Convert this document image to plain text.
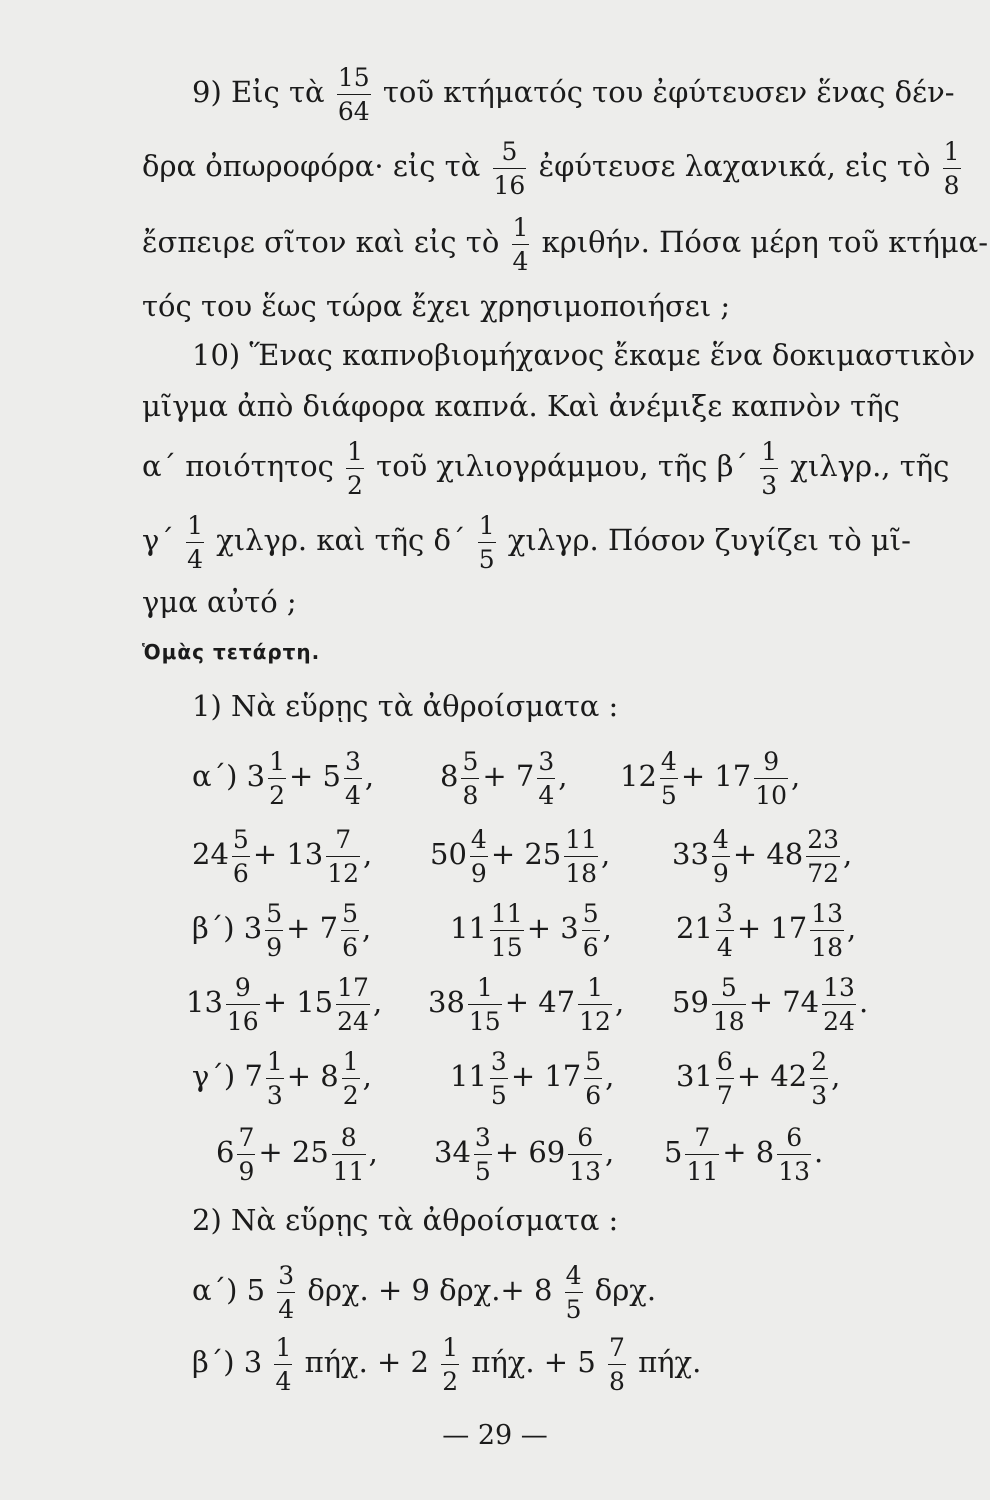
9) Εἰς τὰ $\frac{15}{64}$ τοῦ κτήματός του ἐφύτευσεν ἕνας δέν-
δρα ὀπωροφόρα· εἰς τὰ $\frac{5}{16}$ ἐφύτευσε λαχανικά, εἰς τὸ $\frac{1}{8}$
ἔσπειρε σῖτον καὶ εἰς τὸ $\frac{1}{4} \kappa\rho\iota\theta ή\nu$. Πόσα μέρη τοῦ κτήμα-
τός του ἕως τώρα ἔχει χρησιμοποιήσει ;
10) Ἕνας καπνοβιομήχανος ἔκαμε ἕνα δοκιμαστικὸν
μῖγμα ἀπὸ διάφορα καπνά. Καὶ ἀνέμιξε καπνὸν τῆς
α΄ ποιότητος $\frac{1}{2}$ τοῦ χιλιογράμμου, τῆς $\beta΄ \frac{1}{3} \chi\iota\lambda\gamma\rho$., τῆς
$\gamma΄ \frac{1}{4} \chi\iota\lambda\gamma\rho$. καὶ τῆς $\delta΄ \frac{1}{5} \chi\iota\lambda\gamma\rho$. Πόσον ζυγίζει τὸ μῖ-
γμα αὐτό ;
Ὁμὰς τετάρτη.
1) Νὰ εὕρῃς τὰ ἀθροίσματα :
α΄) $3 \frac{1}{2} + 5 \frac{3}{4}$ , $8 \frac{5}{8} + 7 \frac{3}{4}$ , $12 \frac{4}{5} + 17 \frac{9}{10}$ ,
$24 \frac{5}{6} + 13 \frac{7}{12}$ , $50 \frac{4}{9} + 25 \frac{11}{18}$ , $33 \frac{4}{9} + 48 \frac{23}{72}$ ,
β΄) $3 \frac{5}{9} + 7 \frac{5}{6}$ ,	$11 \frac{11}{15} + 3 \frac{5}{6}$ , $21 \frac{3}{4} + 17 \frac{13}{18}$ ,
$13 \frac{9}{16} + 15 \frac{17}{24}$ , $38 \frac{1}{15} + 47 \frac{1}{12}$ , $59 \frac{5}{18} + 74 \frac{13}{24}$ .
γ΄) $7 \frac{1}{3} + 8 \frac{1}{2}$ ,	$11 \frac{3}{5} + 17 \frac{5}{6}$ , $31 \frac{6}{7} + 42 \frac{2}{3}$ ,
$6 \frac{7}{9} + 25 \frac{8}{11}$ , $34 \frac{3}{5} + 69 \frac{6}{13}$ , $5 \frac{7}{11} + 8 \frac{6}{13}$ .
2) Νὰ εὕρῃς τὰ ἀθροίσματα :
α΄) $5 \frac{3}{4} \delta\rho\chi$. + 9 $\delta\rho\chi.+ 8 \frac{4}{5} \delta\rho\chi$.
β΄) $3 \frac{1}{4} \pi ή\chi$. + $2 \frac{1}{2} \pi ή\chi$. + $5 \frac{7}{8} \pi ή\chi$.
— 29 —
